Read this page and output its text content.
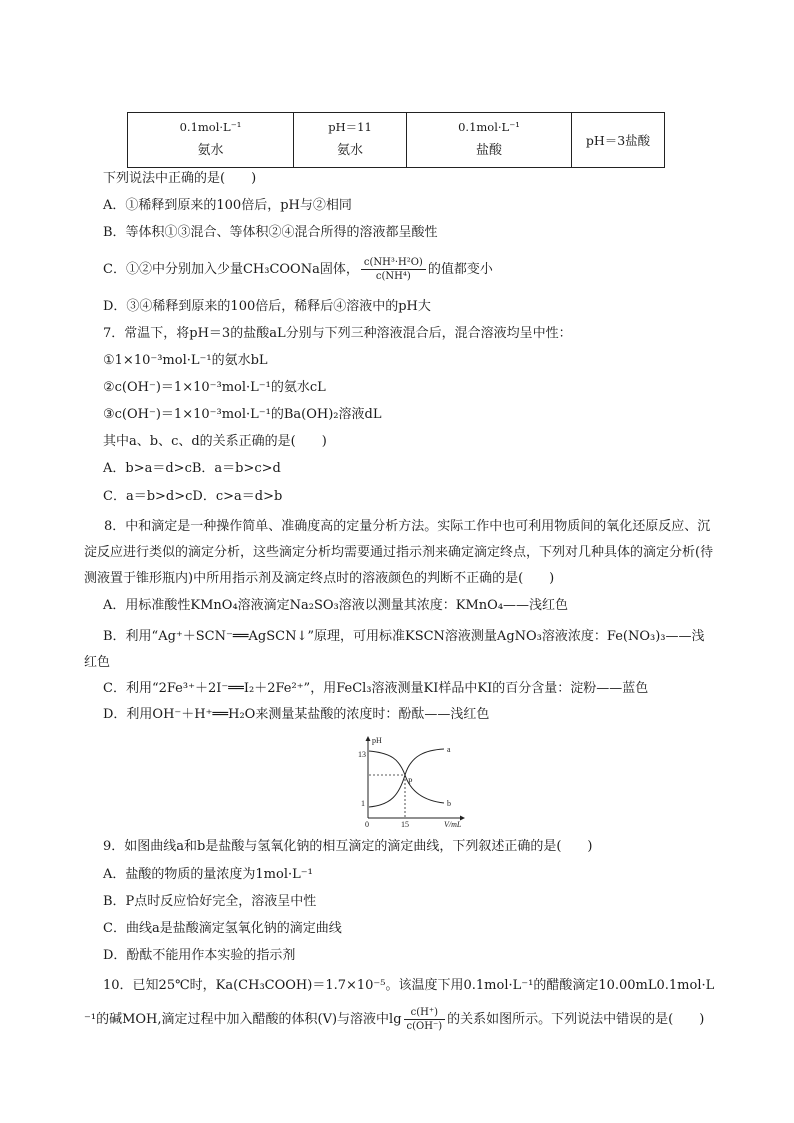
0.1mol·L⁻¹
氨水

pH＝11
氨水

0.1mol·L⁻¹
盐酸
	pH＝3盐酸
下列说法中正确的是(　　)
A．①稀释到原来的100倍后，pH与②相同
B．等体积①③混合、等体积②④混合所得的溶液都呈酸性
C．①②中分别加入少量CH₃COONa固体， $\frac{\text{c(NH³·H²O)}}{\text{c(NH⁴)}}$ 的值都变小
D．③④稀释到原来的100倍后，稀释后④溶液中的pH大
7．常温下，将pH＝3的盐酸aL分别与下列三种溶液混合后，混合溶液均呈中性：
①1×10⁻³mol·L⁻¹的氨水bL
②c(OH⁻)＝1×10⁻³mol·L⁻¹的氨水cL
③c(OH⁻)＝1×10⁻³mol·L⁻¹的Ba(OH)₂溶液dL
其中a、b、c、d的关系正确的是(　　)
A．b>a＝d>cB．a＝b>c>d
C．a＝b>d>cD．c>a＝d>b
8．中和滴定是一种操作简单、准确度高的定量分析方法。实际工作中也可利用物质间的氧化还原反应、沉淀反应进行类似的滴定分析，这些滴定分析均需要通过指示剂来确定滴定终点，下列对几种具体的滴定分析(待测液置于锥形瓶内)中所用指示剂及滴定终点时的溶液颜色的判断不正确的是(　　)
A．用标准酸性KMnO₄溶液滴定Na₂SO₃溶液以测量其浓度：KMnO₄——浅红色
B．利用“Ag⁺＋SCN⁻══AgSCN↓”原理，可用标准KSCN溶液测量AgNO₃溶液浓度：Fe(NO₃)₃——浅红色
C．利用“2Fe³⁺＋2I⁻══I₂＋2Fe²⁺”，用FeCl₃溶液测量KI样品中KI的百分含量：淀粉——蓝色
D．利用OH⁻＋H⁺══H₂O来测量某盐酸的浓度时：酚酞——浅红色
pH
13
1
0	15	V/mL
P
a
b
9．如图曲线a和b是盐酸与氢氧化钠的相互滴定的滴定曲线，下列叙述正确的是(　　)
A．盐酸的物质的量浓度为1mol·L⁻¹
B．P点时反应恰好完全，溶液呈中性
C．曲线a是盐酸滴定氢氧化钠的滴定曲线
D．酚酞不能用作本实验的指示剂
10．已知25℃时，Ka(CH₃COOH)＝1.7×10⁻⁵。该温度下用0.1mol·L⁻¹的醋酸滴定10.00mL0.1mol·L
⁻¹的碱MOH,滴定过程中加入醋酸的体积(V)与溶液中$\lg \frac{c(H^+)}{c(OH^-)}$ 的关系如图所示。下列说法中错误的是(　　)
